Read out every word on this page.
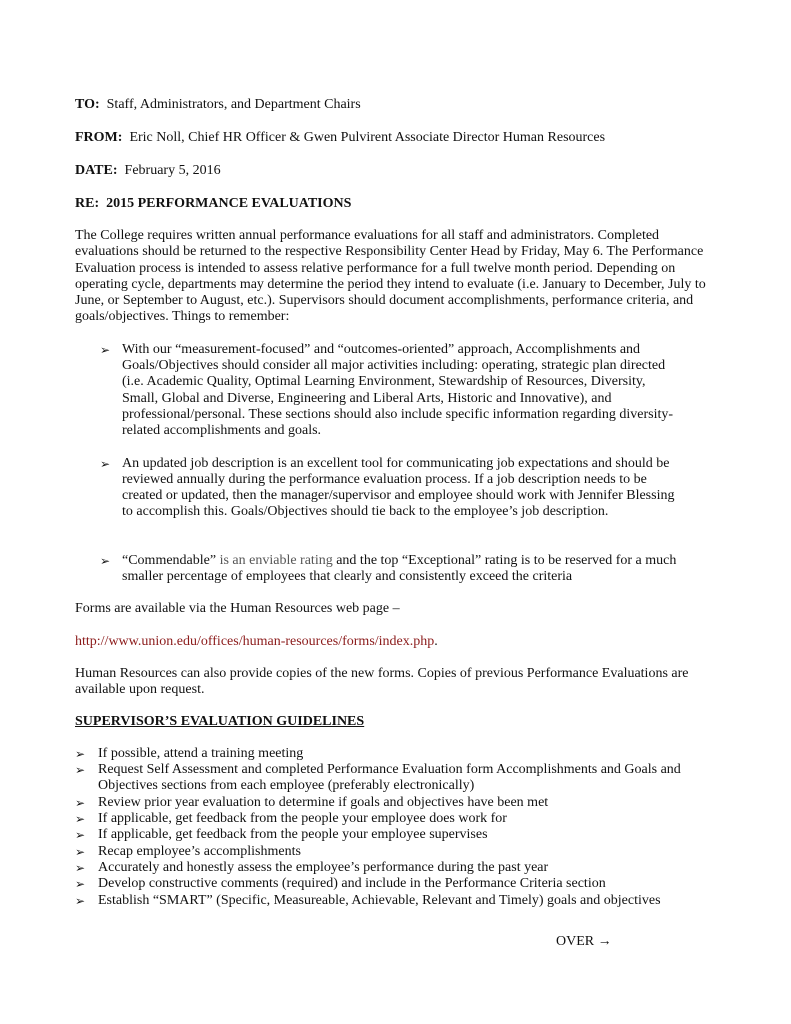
TO: Staff, Administrators, and Department Chairs
FROM: Eric Noll, Chief HR Officer & Gwen Pulvirent Associate Director Human Resources
DATE: February 5, 2016
RE: 2015 PERFORMANCE EVALUATIONS

The College requires written annual performance evaluations for all staff and administrators. Completed evaluations should be returned to the respective Responsibility Center Head by Friday, May 6. The Performance Evaluation process is intended to assess relative performance for a full twelve month period. Depending on operating cycle, departments may determine the period they intend to evaluate (i.e. January to December, July to June, or September to August, etc.). Supervisors should document accomplishments, performance criteria, and goals/objectives. Things to remember:

➢ With our “measurement-focused” and “outcomes-oriented” approach, Accomplishments and Goals/Objectives should consider all major activities including: operating, strategic plan directed (i.e. Academic Quality, Optimal Learning Environment, Stewardship of Resources, Diversity, Small, Global and Diverse, Engineering and Liberal Arts, Historic and Innovative), and professional/personal. These sections should also include specific information regarding diversity-related accomplishments and goals.
➢ An updated job description is an excellent tool for communicating job expectations and should be reviewed annually during the performance evaluation process. If a job description needs to be created or updated, then the manager/supervisor and employee should work with Jennifer Blessing to accomplish this. Goals/Objectives should tie back to the employee’s job description.
➢ “Commendable” is an enviable rating and the top “Exceptional” rating is to be reserved for a much smaller percentage of employees that clearly and consistently exceed the criteria

Forms are available via the Human Resources web page –

http://www.union.edu/offices/human-resources/forms/index.php.

Human Resources can also provide copies of the new forms. Copies of previous Performance Evaluations are available upon request.

SUPERVISOR’S EVALUATION GUIDELINES
➢ If possible, attend a training meeting
➢ Request Self Assessment and completed Performance Evaluation form Accomplishments and Goals and Objectives sections from each employee (preferably electronically)
➢ Review prior year evaluation to determine if goals and objectives have been met
➢ If applicable, get feedback from the people your employee does work for
➢ If applicable, get feedback from the people your employee supervises
➢ Recap employee’s accomplishments
➢ Accurately and honestly assess the employee’s performance during the past year
➢ Develop constructive comments (required) and include in the Performance Criteria section
➢ Establish “SMART” (Specific, Measureable, Achievable, Relevant and Timely) goals and objectives
OVER →
